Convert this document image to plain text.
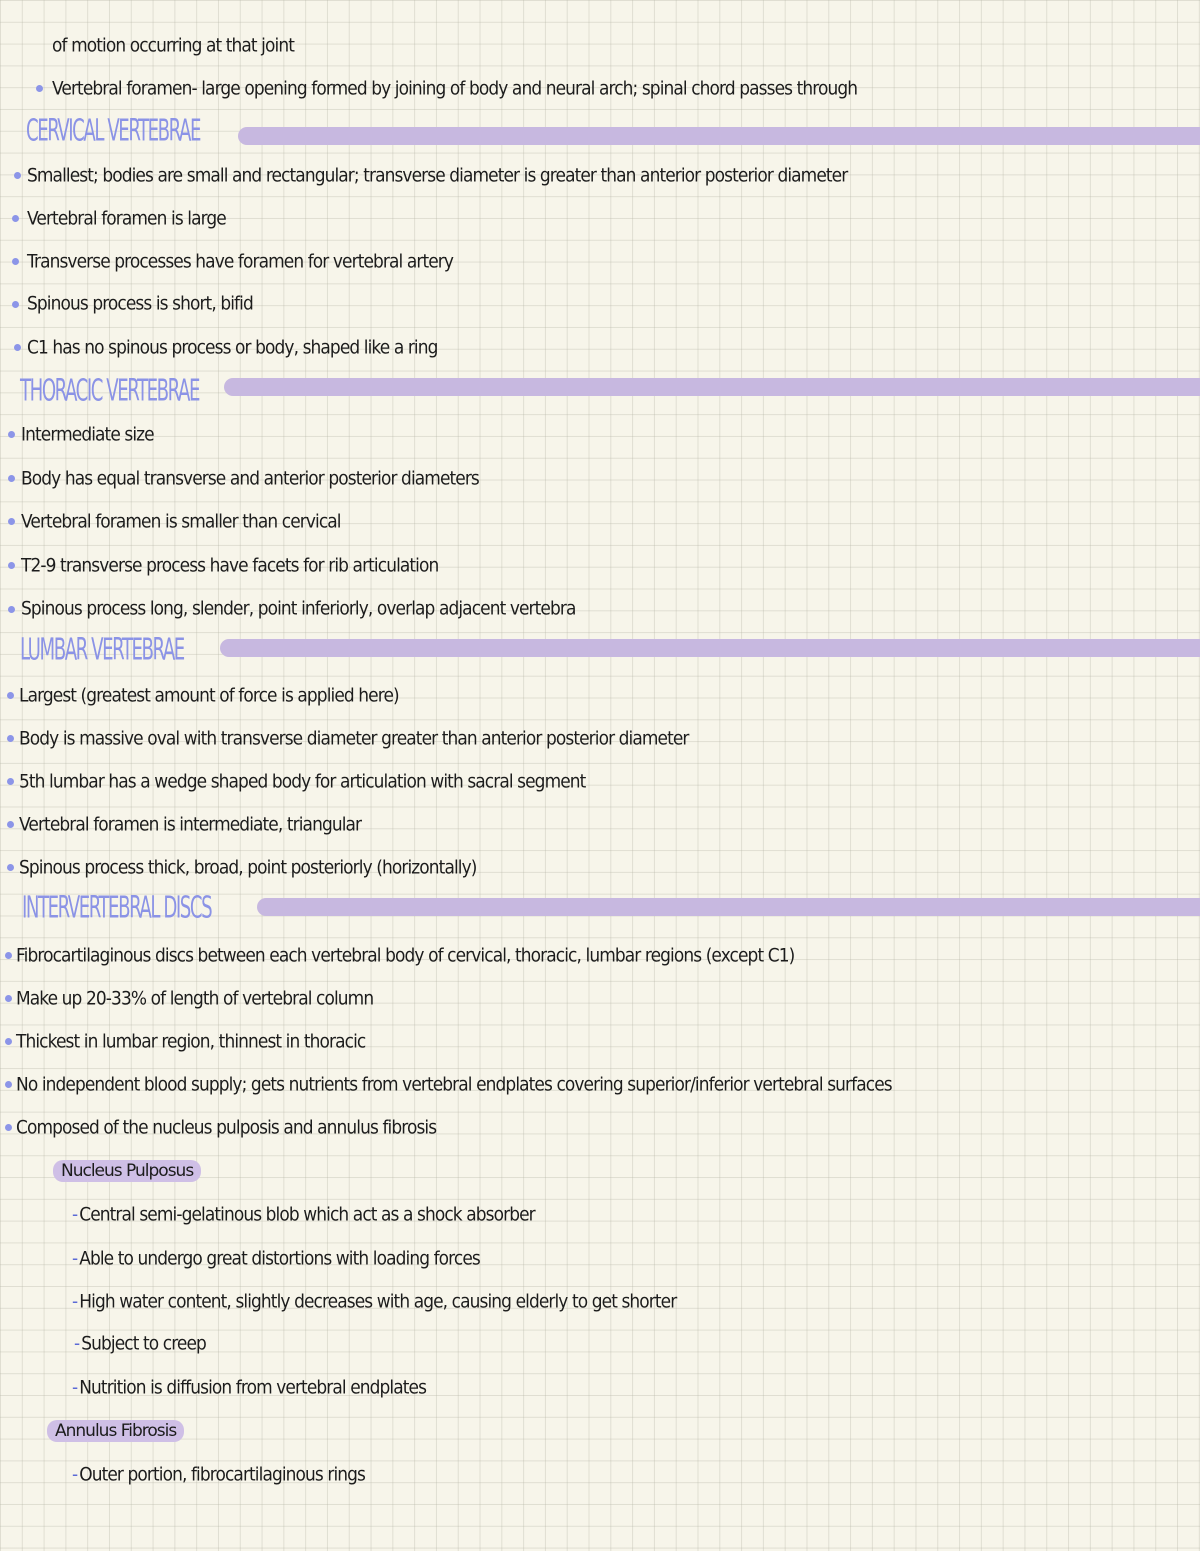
of motion occurring at that joint
Vertebral foramen- large opening formed by joining of body and neural arch; spinal chord passes through
CERVICAL VERTEBRAE
Smallest; bodies are small and rectangular; transverse diameter is greater than anterior posterior diameter
Vertebral foramen is large
Transverse processes have foramen for vertebral artery
Spinous process is short, bifid
C1 has no spinous process or body, shaped like a ring
THORACIC VERTEBRAE
Intermediate size
Body has equal transverse and anterior posterior diameters
Vertebral foramen is smaller than cervical
T2-9 transverse process have facets for rib articulation
Spinous process long, slender, point inferiorly, overlap adjacent vertebra
LUMBAR VERTEBRAE
Largest (greatest amount of force is applied here)
Body is massive oval with transverse diameter greater than anterior posterior diameter
5th lumbar has a wedge shaped body for articulation with sacral segment
Vertebral foramen is intermediate, triangular
Spinous process thick, broad, point posteriorly (horizontally)
INTERVERTEBRAL DISCS
Fibrocartilaginous discs between each vertebral body of cervical, thoracic, lumbar regions (except C1)
Make up 20-33% of length of vertebral column
Thickest in lumbar region, thinnest in thoracic
No independent blood supply; gets nutrients from vertebral endplates covering superior/inferior vertebral surfaces
Composed of the nucleus pulposis and annulus fibrosis
Nucleus Pulposus
- Central semi-gelatinous blob which act as a shock absorber
- Able to undergo great distortions with loading forces
- High water content, slightly decreases with age, causing elderly to get shorter
- Subject to creep
- Nutrition is diffusion from vertebral endplates
Annulus Fibrosis
- Outer portion, fibrocartilaginous rings
